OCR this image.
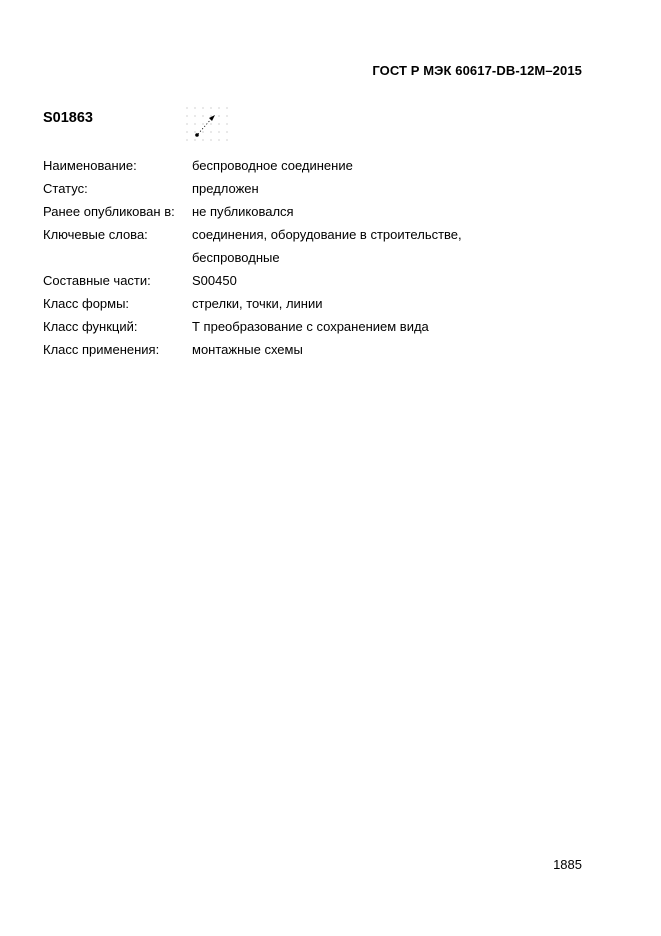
ГОСТ Р МЭК 60617-DB-12M–2015
S01863
Наименование:	беспроводное соединение
Статус:	предложен
Ранее опубликован в:	не публиковался
Ключевые слова:	соединения, оборудование в строительстве,
беспроводные
Составные части:	S00450
Класс формы:	стрелки, точки, линии
Класс функций:	Т преобразование с сохранением вида
Класс применения:	монтажные схемы
1885
